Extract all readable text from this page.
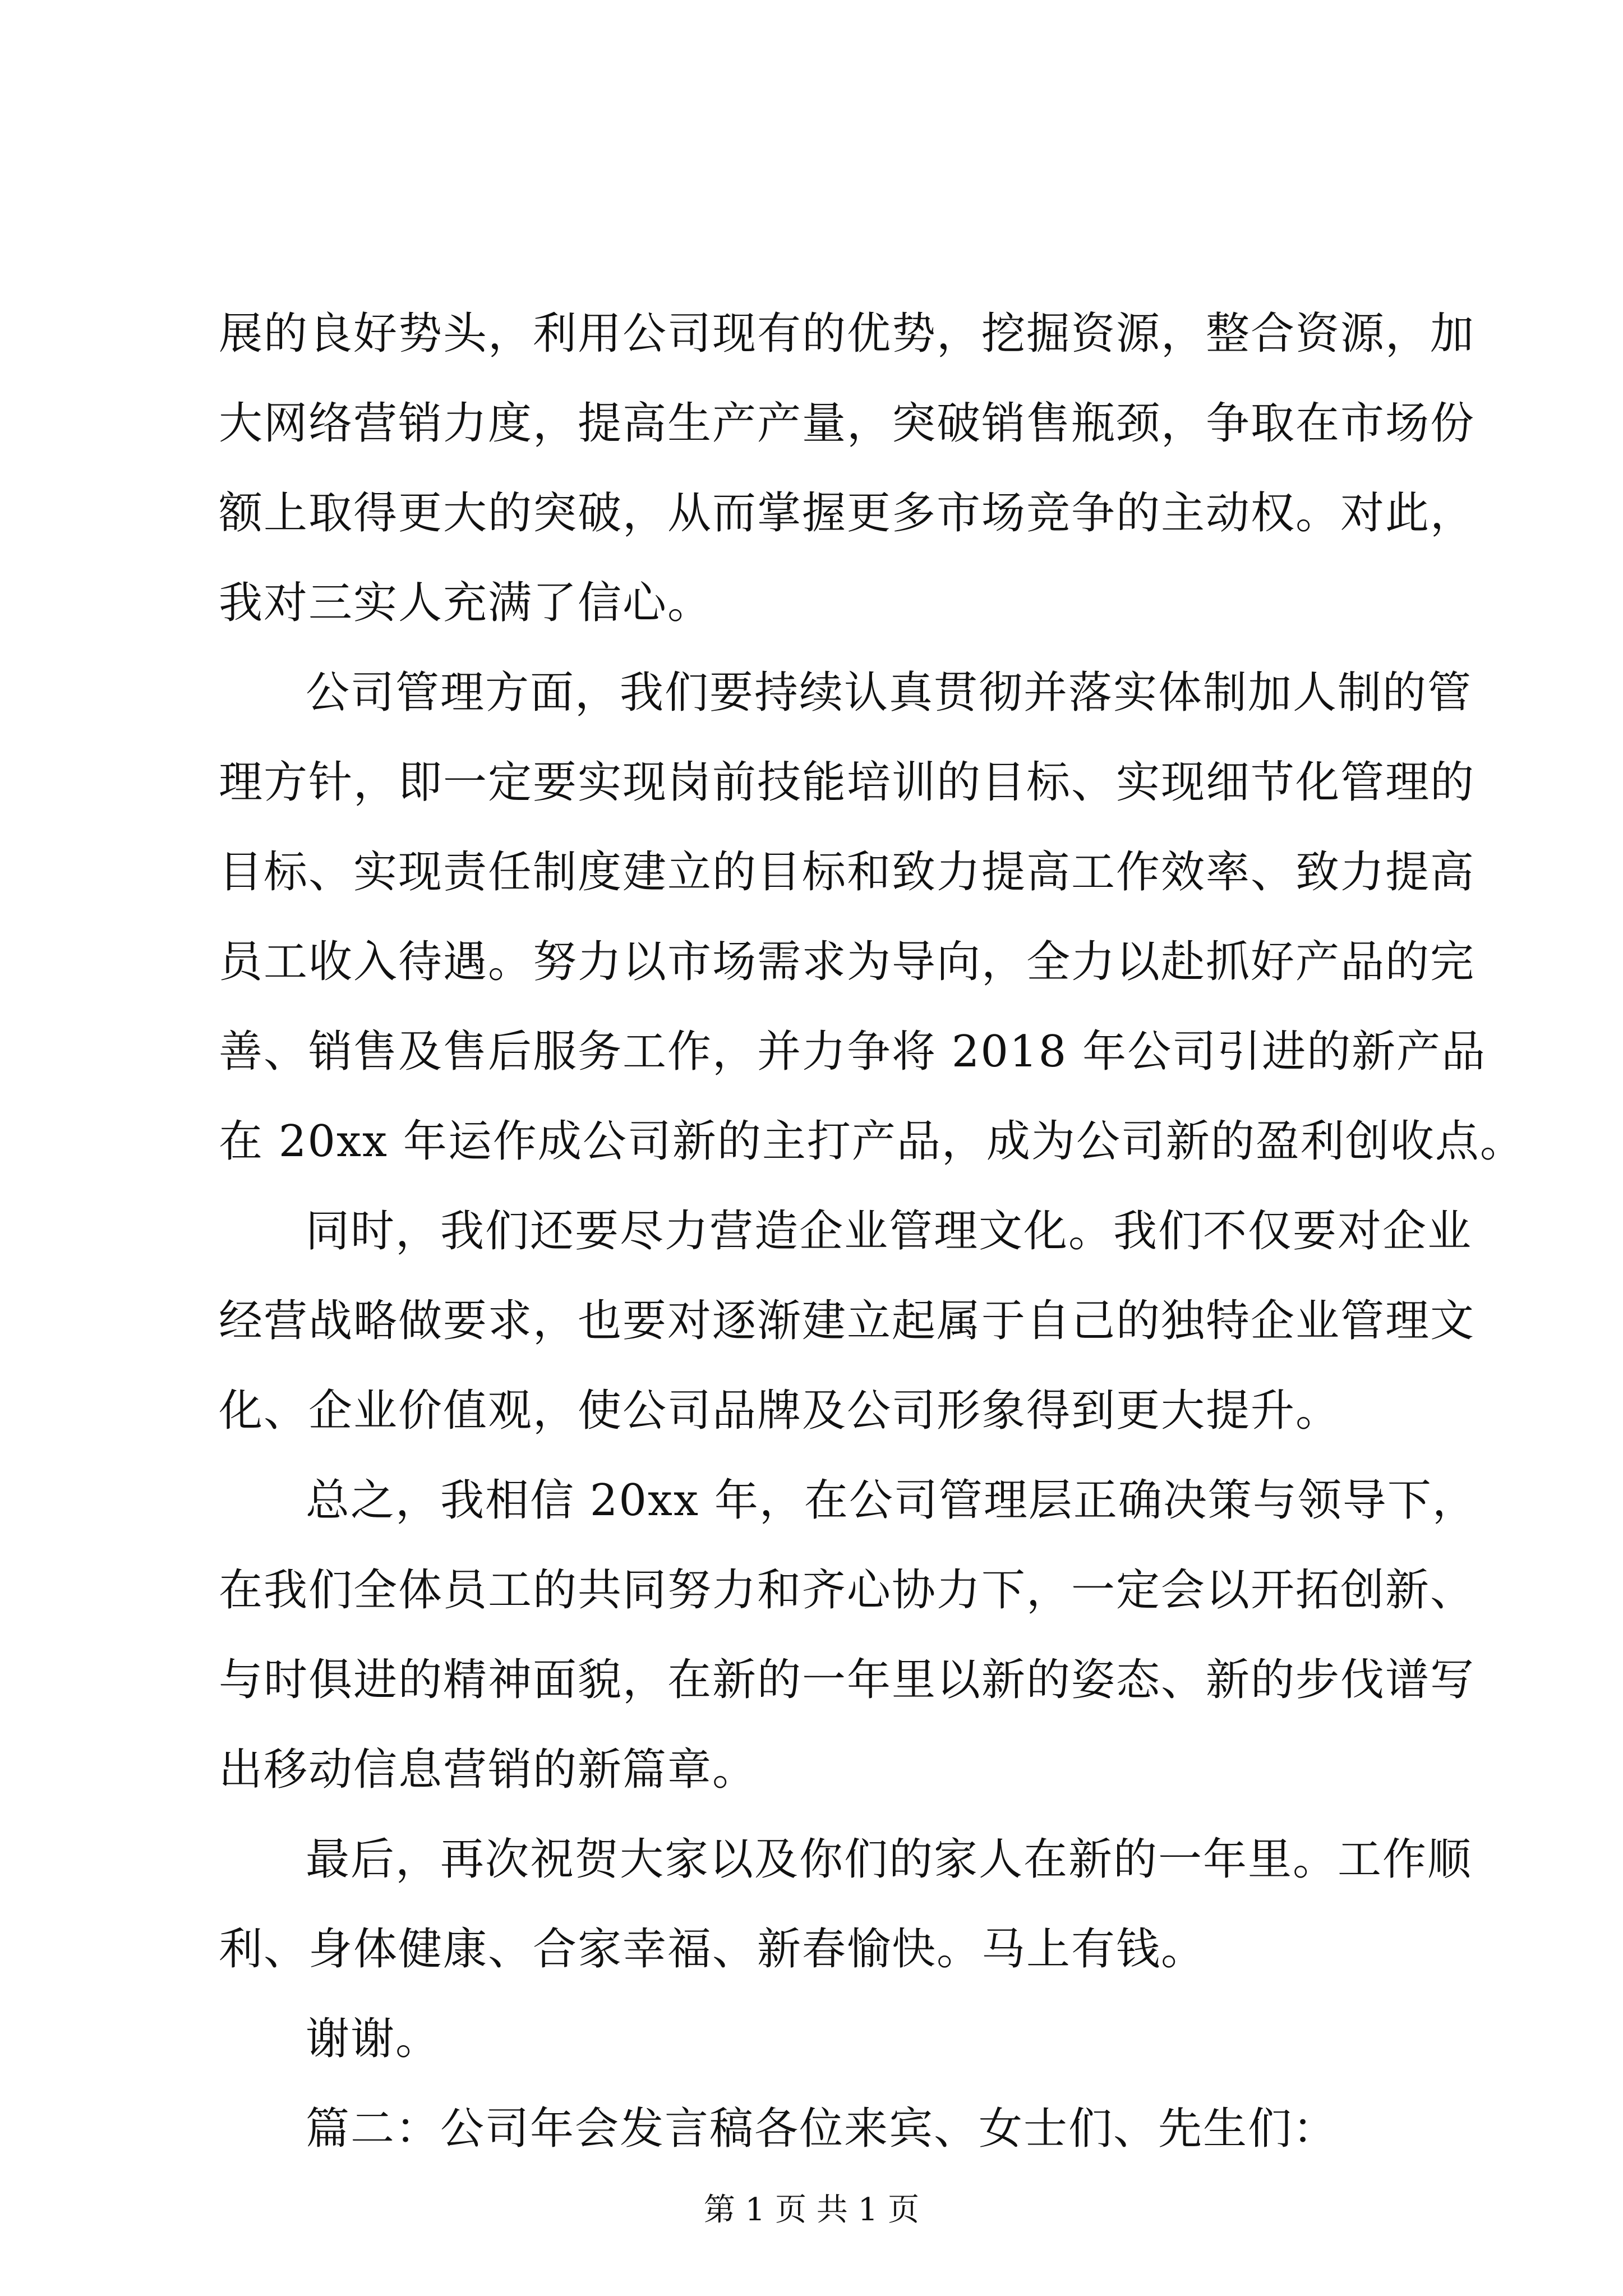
展的良好势头，利用公司现有的优势，挖掘资源，整合资源，加
大网络营销力度，提高生产产量，突破销售瓶颈，争取在市场份
额上取得更大的突破，从而掌握更多市场竞争的主动权。对此，
我对三实人充满了信心。
公司管理方面，我们要持续认真贯彻并落实体制加人制的管
理方针，即一定要实现岗前技能培训的目标、实现细节化管理的
目标、实现责任制度建立的目标和致力提高工作效率、致力提高
员工收入待遇。努力以市场需求为导向，全力以赴抓好产品的完
善、销售及售后服务工作，并力争将 2018 年公司引进的新产品
在 20xx 年运作成公司新的主打产品，成为公司新的盈利创收点。
同时，我们还要尽力营造企业管理文化。我们不仅要对企业
经营战略做要求，也要对逐渐建立起属于自己的独特企业管理文
化、企业价值观，使公司品牌及公司形象得到更大提升。
总之，我相信 20xx 年，在公司管理层正确决策与领导下，
在我们全体员工的共同努力和齐心协力下，一定会以开拓创新、
与时俱进的精神面貌，在新的一年里以新的姿态、新的步伐谱写
出移动信息营销的新篇章。
最后，再次祝贺大家以及你们的家人在新的一年里。工作顺
利、身体健康、合家幸福、新春愉快。马上有钱。
谢谢。
篇二：公司年会发言稿各位来宾、女士们、先生们：
第 1 页 共 1 页
